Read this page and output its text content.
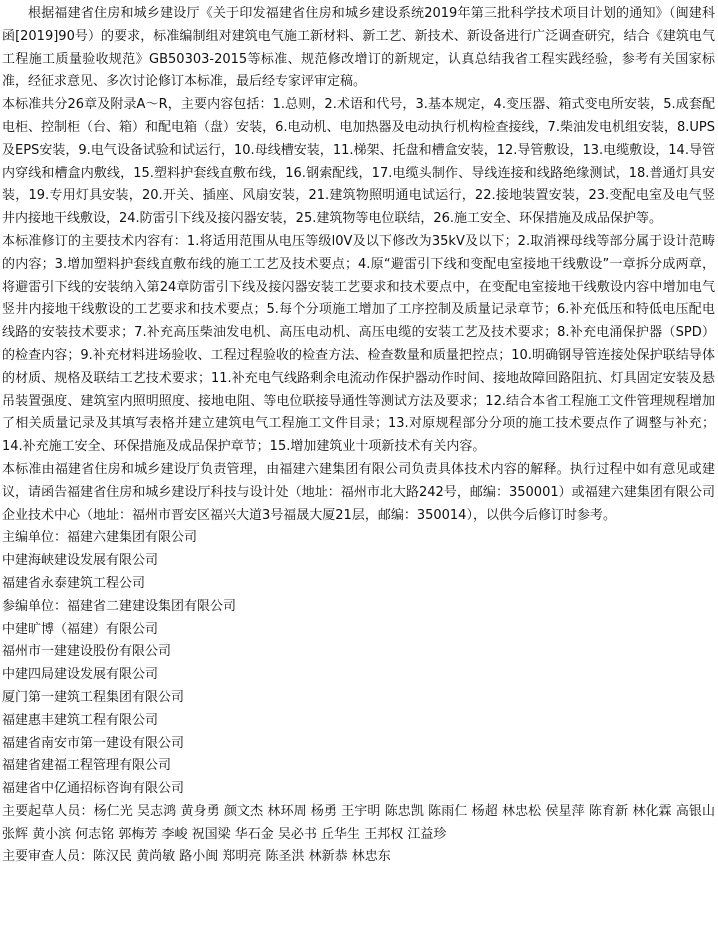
根据福建省住房和城乡建设厅《关于印发福建省住房和城乡建设系统2019年第三批科学技术项目计划的通知》（闽建科函[2019]90号）的要求，标准编制组对建筑电气施工新材料、新工艺、新技术、新设备进行广泛调查研究，结合《建筑电气工程施工质量验收规范》GB50303-2015等标准、规范修改增订的新规定，认真总结我省工程实践经验，参考有关国家标准，经征求意见、多次讨论修订本标准，最后经专家评审定稿。

本标准共分26章及附录A～R，主要内容包括：1.总则，2.术语和代号，3.基本规定，4.变压器、箱式变电所安装，5.成套配电柜、控制柜（台、箱）和配电箱（盘）安装，6.电动机、电加热器及电动执行机构检查接线，7.柴油发电机组安装，8.UPS及EPS安装，9.电气设备试验和试运行，10.母线槽安装，11.梯架、托盘和槽盒安装，12.导管敷设，13.电缆敷设，14.导管内穿线和槽盒内敷线，15.塑料护套线直敷布线，16.钢索配线，17.电缆头制作、导线连接和线路绝缘测试，18.普通灯具安装，19.专用灯具安装，20.开关、插座、风扇安装，21.建筑物照明通电试运行，22.接地装置安装，23.变配电室及电气竖井内接地干线敷设，24.防雷引下线及接闪器安装，25.建筑物等电位联结，26.施工安全、环保措施及成品保护等。

本标准修订的主要技术内容有：1.将适用范围从电压等级l0V及以下修改为35kV及以下；2.取消裸母线等部分属于设计范畴的内容；3.增加塑料护套线直敷布线的施工工艺及技术要点；4.原“避雷引下线和变配电室接地干线敷设”一章拆分成两章，将避雷引下线的安装纳入第24章防雷引下线及接闪器安装工艺要求和技术要点中，在变配电室接地干线敷设内容中增加电气竖井内接地干线敷设的工艺要求和技术要点；5.每个分项施工增加了工序控制及质量记录章节；6.补充低压和特低电压配电线路的安装技术要求；7.补充高压柴油发电机、高压电动机、高压电缆的安装工艺及技术要求；8.补充电涌保护器（SPD）的检查内容；9.补充材料进场验收、工程过程验收的检查方法、检查数量和质量把控点；10.明确钢导管连接处保护联结导体的材质、规格及联结工艺技术要求；11.补充电气线路剩余电流动作保护器动作时间、接地故障回路阻抗、灯具固定安装及悬吊装置强度、建筑室内照明照度、接地电阻、等电位联接导通性等测试方法及要求；12.结合本省工程施工文件管理规程增加了相关质量记录及其填写表格并建立建筑电气工程施工文件目录；13.对原规程部分分项的施工技术要点作了调整与补充；14.补充施工安全、环保措施及成品保护章节；15.增加建筑业十项新技术有关内容。

本标准由福建省住房和城乡建设厅负责管理，由福建六建集团有限公司负责具体技术内容的解释。执行过程中如有意见或建议，请函告福建省住房和城乡建设厅科技与设计处（地址：福州市北大路242号，邮编：350001）或福建六建集团有限公司企业技术中心（地址：福州市晋安区福兴大道3号福晟大厦21层，邮编：350014），以供今后修订时参考。

主编单位：福建六建集团有限公司
中建海峡建设发展有限公司
福建省永泰建筑工程公司
参编单位：福建省二建建设集团有限公司
中建旷博（福建）有限公司
福州市一建建设股份有限公司
中建四局建设发展有限公司
厦门第一建筑工程集团有限公司
福建惠丰建筑工程有限公司
福建省南安市第一建设有限公司
福建省建福工程管理有限公司
福建省中亿通招标咨询有限公司

主要起草人员：杨仁光 吴志鸿 黄身勇 颜文杰 林环周 杨勇 王宇明 陈忠凯 陈雨仁 杨超 林忠松 侯星萍 陈育新 林化霖 高银山 张辉 黄小滨 何志铭 郭梅芳 李峻 祝国梁 华石金 吴必书 丘华生 王邦权 江益珍

主要审查人员：陈汉民 黄尚敏 路小闽 郑明亮 陈圣洪 林新恭 林忠东
